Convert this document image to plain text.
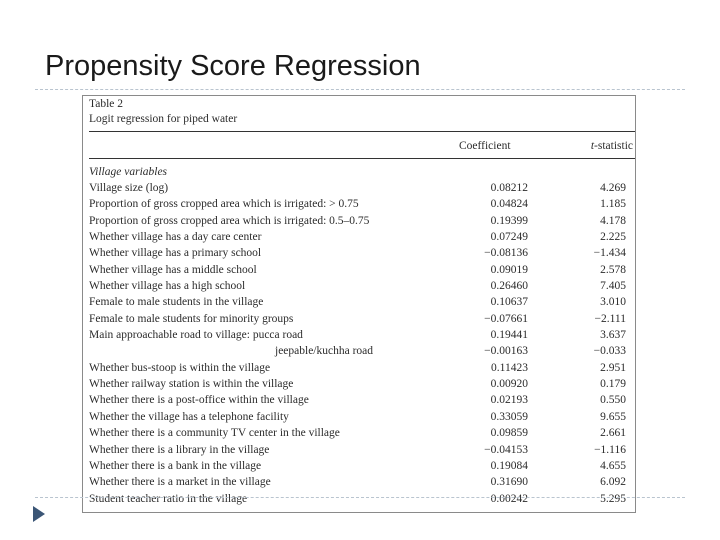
Propensity Score Regression
Table 2
Logit regression for piped water
Coefficient	t-statistic
Village variables
Village size (log)	0.08212	4.269
Proportion of gross cropped area which is irrigated: > 0.75	0.04824	1.185
Proportion of gross cropped area which is irrigated: 0.5–0.75	0.19399	4.178
Whether village has a day care center	0.07249	2.225
Whether village has a primary school	−0.08136	−1.434
Whether village has a middle school	0.09019	2.578
Whether village has a high school	0.26460	7.405
Female to male students in the village	0.10637	3.010
Female to male students for minority groups	−0.07661	−2.111
Main approachable road to village: pucca road	0.19441	3.637
jeepable/kuchha road	−0.00163	−0.033
Whether bus-stoop is within the village	0.11423	2.951
Whether railway station is within the village	0.00920	0.179
Whether there is a post-office within the village	0.02193	0.550
Whether the village has a telephone facility	0.33059	9.655
Whether there is a community TV center in the village	0.09859	2.661
Whether there is a library in the village	−0.04153	−1.116
Whether there is a bank in the village	0.19084	4.655
Whether there is a market in the village	0.31690	6.092
Student teacher ratio in the village	0.00242	5.295
